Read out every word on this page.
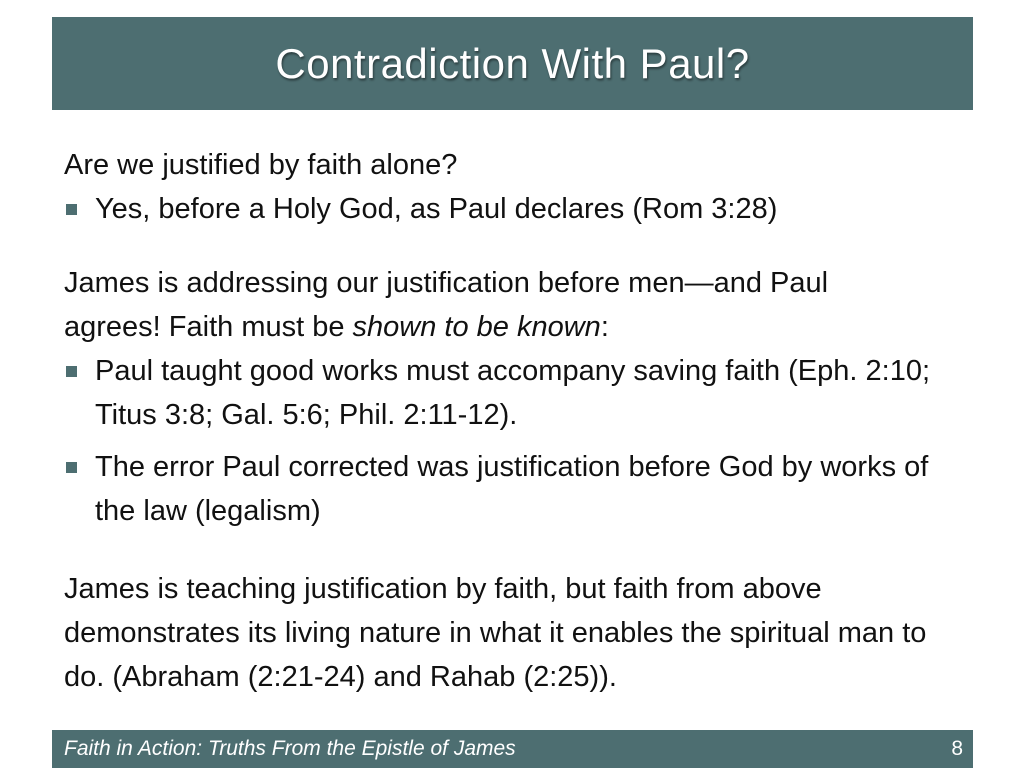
Contradiction With Paul?

Are we justified by faith alone?

Yes, before a Holy God, as Paul declares (Rom 3:28)

James is addressing our justification before men—and Paul
agrees! Faith must be shown to be known:

Paul taught good works must accompany saving faith (Eph. 2:10; Titus 3:8; Gal. 5:6; Phil. 2:11-12).
The error Paul corrected was justification before God by works of the law (legalism)

James is teaching justification by faith, but faith from above demonstrates its living nature in what it enables the spiritual man to do. (Abraham (2:21-24) and Rahab (2:25)).

Faith in Action: Truths From the Epistle of James	8
